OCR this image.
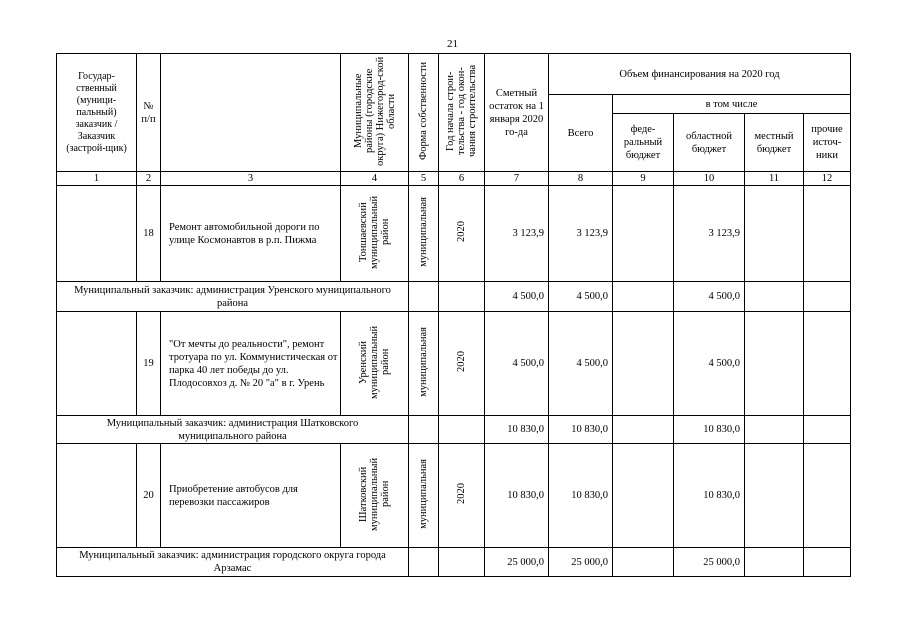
21
Государ-ственный (муници-пальный) заказчик / Заказчик (застрой-щик)	№ п/п		Муниципальные районы (городские округа) Нижегород-ской области	Форма собственности	Год начала строи-тельства - год окон-чания строительства	Сметный остаток на 1 января 2020 го-да	Объем финансирования на 2020 год				
							Всего	в том числе			
								феде-ральный бюджет	областной бюджет	местный бюджет	прочие источ-ники
1	2	3	4	5	6	7	8	9	10	11	12
	18	Ремонт автомобильной дороги по улице Космонавтов в р.п. Пижма	Тоншаевский муниципальный район	муниципальная	2020	3 123,9	3 123,9		3 123,9		
Муниципальный заказчик: администрация Уренского муниципального района						4 500,0	4 500,0		4 500,0		
	19	"От мечты до реальности", ремонт тротуара по ул. Коммунистическая от парка 40 лет победы до ул. Плодосовхоз д. № 20 "а" в г. Урень	Уренский муниципальный район	муниципальная	2020	4 500,0	4 500,0		4 500,0		
Муниципальный заказчик: администрация Шатковского муниципального района						10 830,0	10 830,0		10 830,0		
	20	Приобретение автобусов для перевозки пассажиров	Шатковский муниципальный район	муниципальная	2020	10 830,0	10 830,0		10 830,0		
Муниципальный заказчик: администрация городского округа города Арзамас						25 000,0	25 000,0		25 000,0		
